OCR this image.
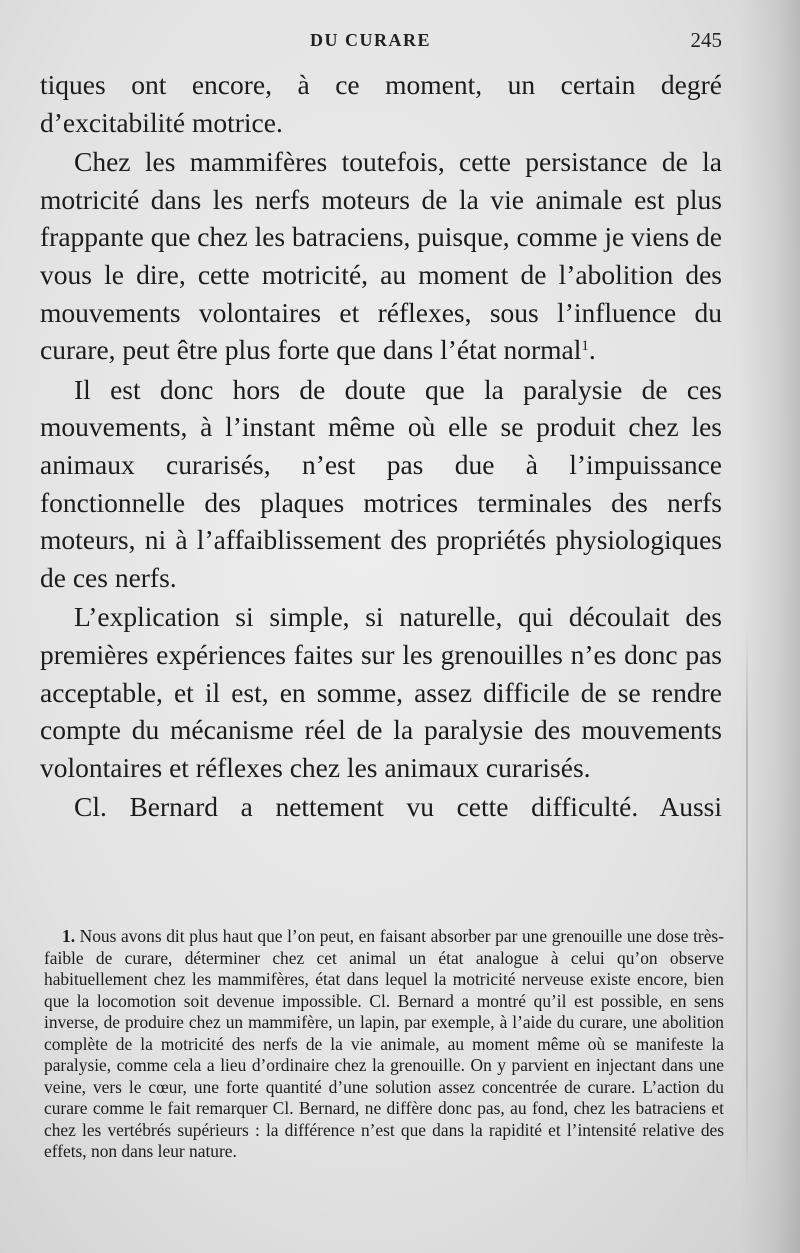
DU CURARE	245

tiques ont encore, à ce moment, un certain degré d’excitabilité motrice.

Chez les mammifères toutefois, cette persistance de la motricité dans les nerfs moteurs de la vie animale est plus frappante que chez les batraciens, puisque, comme je viens de vous le dire, cette motricité, au moment de l’abolition des mouvements volontaires et réflexes, sous l’influence du curare, peut être plus forte que dans l’état normal$^1$.

Il est donc hors de doute que la paralysie de ces mouvements, à l’instant même où elle se produit chez les animaux curarisés, n’est pas due à l’impuissance fonctionnelle des plaques motrices terminales des nerfs moteurs, ni à l’affaiblissement des propriétés physiologiques de ces nerfs.

L’explication si simple, si naturelle, qui découlait des premières expériences faites sur les grenouilles n’es donc pas acceptable, et il est, en somme, assez difficile de se rendre compte du mécanisme réel de la paralysie des mouvements volontaires et réflexes chez les animaux curarisés.

Cl. Bernard a nettement vu cette difficulté. Aussi

1. Nous avons dit plus haut que l’on peut, en faisant absorber par une grenouille une dose très-faible de curare, déterminer chez cet animal un état analogue à celui qu’on observe habituellement chez les mammifères, état dans lequel la motricité nerveuse existe encore, bien que la locomotion soit devenue impossible. Cl. Bernard a montré qu’il est possible, en sens inverse, de produire chez un mammifère, un lapin, par exemple, à l’aide du curare, une abolition complète de la motricité des nerfs de la vie animale, au moment même où se manifeste la paralysie, comme cela a lieu d’ordinaire chez la grenouille. On y parvient en injectant dans une veine, vers le cœur, une forte quantité d’une solution assez concentrée de curare. L’action du curare comme le fait remarquer Cl. Bernard, ne diffère donc pas, au fond, chez les batraciens et chez les vertébrés supérieurs : la différence n’est que dans la rapidité et l’intensité relative des effets, non dans leur nature.
